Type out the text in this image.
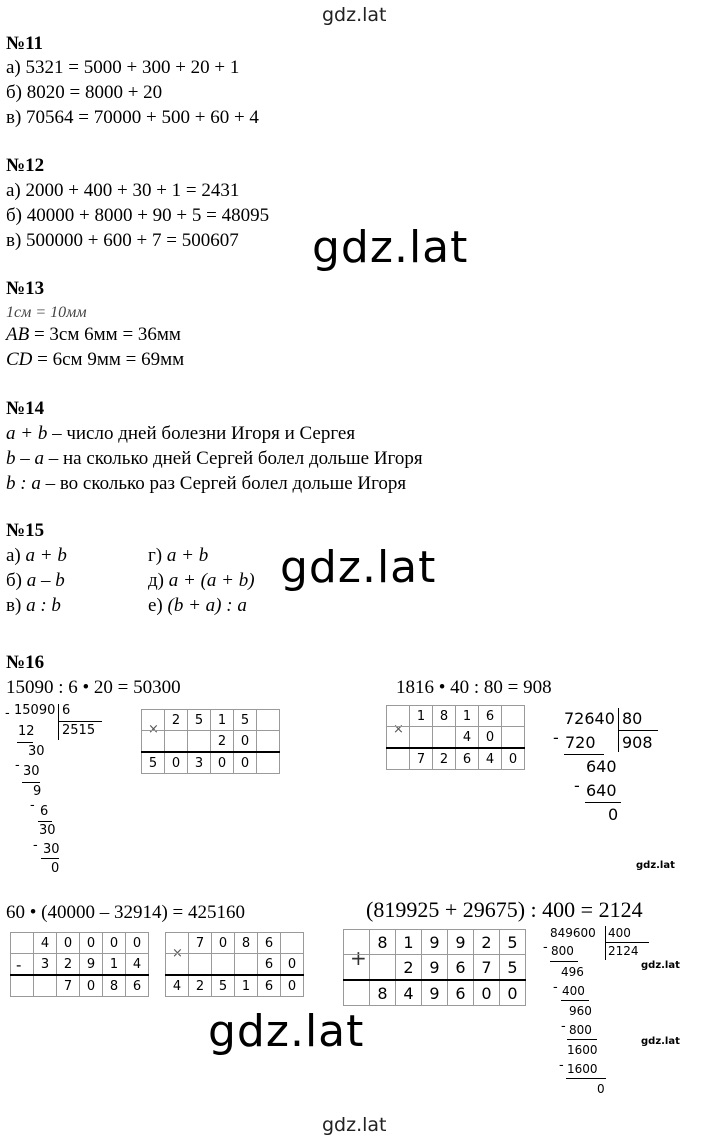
gdz.lat
gdz.lat
gdz.lat
gdz.lat
gdz.lat
gdz.lat
gdz.lat
gdz.lat
№11
а) 5321 = 5000 + 300 + 20 + 1
б) 8020 = 8000 + 20
в) 70564 = 70000 + 500 + 60 + 4
№12
а) 2000 + 400 + 30 + 1 = 2431
б) 40000 + 8000 + 90 + 5 = 48095
в) 500000 + 600 + 7 = 500607
№13
1см = 10мм
AB = 3см 6мм = 36мм
CD = 6см 9мм = 69мм
№14
a + b – число дней болезни Игоря и Сергея
b – a – на сколько дней Сергей болел дольше Игоря
b : a – во сколько раз Сергей болел дольше Игоря
№15
а) a + b
б) a – b
в) a : b
г) a + b
д) a + (a + b)
е) (b + a) : a
№16
15090 : 6 • 20 = 50300	1816 • 40 : 80 = 908
60 • (40000 – 32914) = 425160	(819925 + 29675) : 400 = 2124
- 15090 6
2515
12
30
- 30
9
- 6
30
- 30
0
×
	2	5	1	5	
			2	0	
5	0	3	0	0	
×
	1	8	1	6	
			4	0	
	7	2	6	4	0
72640 80
908
- 720
640
- 640
0
-
	4	0	0	0	0
	3	2	9	1	4
		7	0	8	6
×
	7	0	8	6	
				6	0
4	2	5	1	6	0
+
	8	1	9	9	2	5
		2	9	6	7	5
	8	4	9	6	0	0
849600 400
2124
- 800
496
- 400
960
- 800
1600
- 1600
0
